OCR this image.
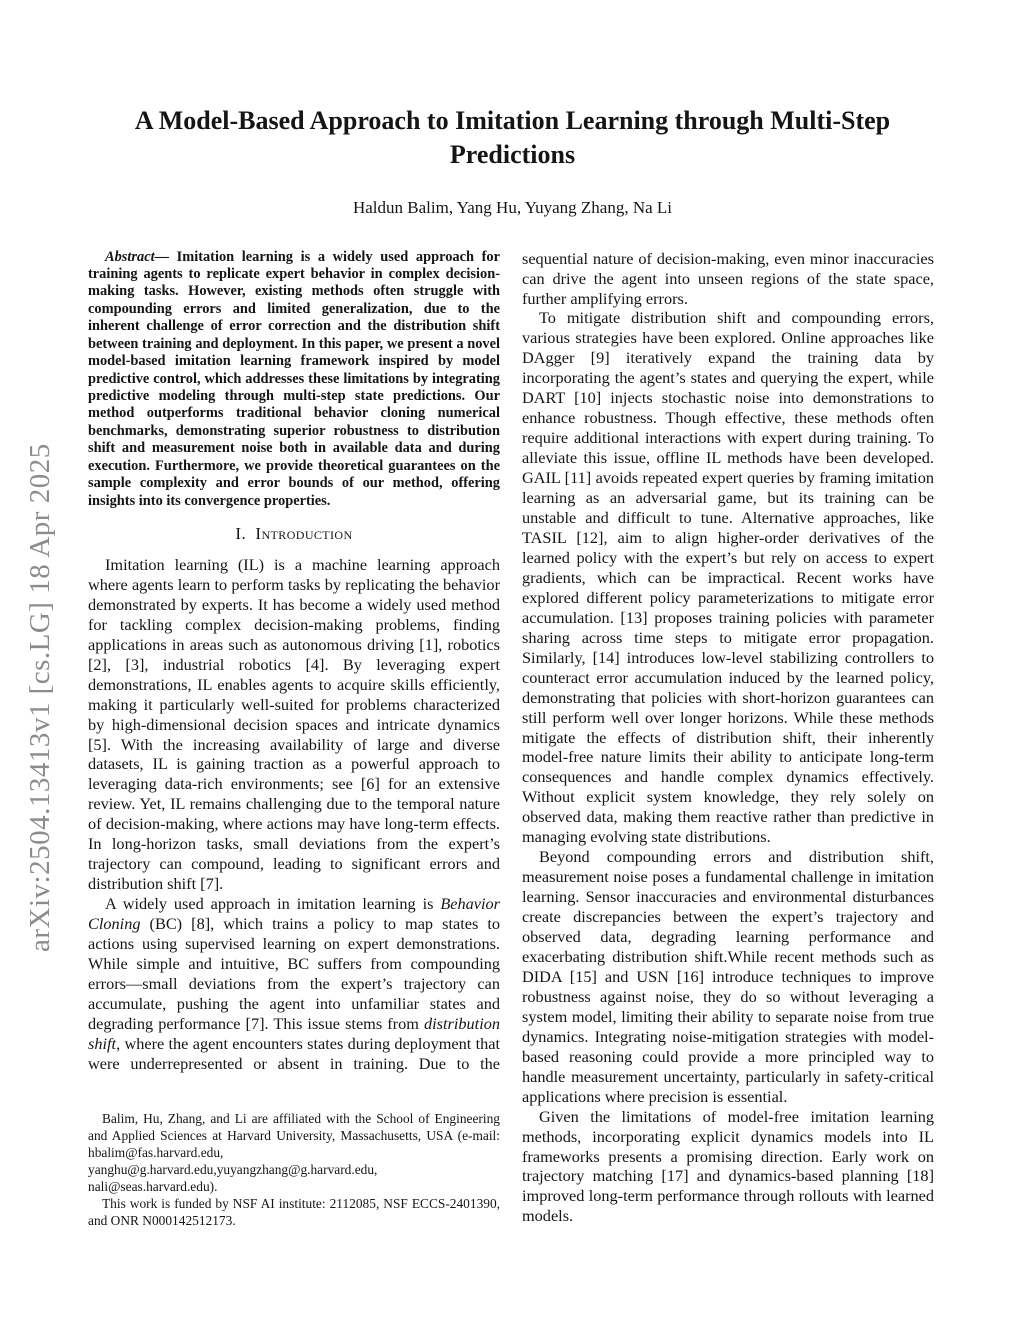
arXiv:2504.13413v1 [cs.LG] 18 Apr 2025
A Model-Based Approach to Imitation Learning through Multi-Step Predictions
Haldun Balim, Yang Hu, Yuyang Zhang, Na Li

Abstract— Imitation learning is a widely used approach for training agents to replicate expert behavior in complex decision-making tasks. However, existing methods often struggle with compounding errors and limited generalization, due to the inherent challenge of error correction and the distribution shift between training and deployment. In this paper, we present a novel model-based imitation learning framework inspired by model predictive control, which addresses these limitations by integrating predictive modeling through multi-step state predictions. Our method outperforms traditional behavior cloning numerical benchmarks, demonstrating superior robustness to distribution shift and measurement noise both in available data and during execution. Furthermore, we provide theoretical guarantees on the sample complexity and error bounds of our method, offering insights into its convergence properties.

I.  Introduction

Imitation learning (IL) is a machine learning approach where agents learn to perform tasks by replicating the behavior demonstrated by experts. It has become a widely used method for tackling complex decision-making problems, finding applications in areas such as autonomous driving [1], robotics [2], [3], industrial robotics [4]. By leveraging expert demonstrations, IL enables agents to acquire skills efficiently, making it particularly well-suited for problems characterized by high-dimensional decision spaces and intricate dynamics [5]. With the increasing availability of large and diverse datasets, IL is gaining traction as a powerful approach to leveraging data-rich environments; see [6] for an extensive review. Yet, IL remains challenging due to the temporal nature of decision-making, where actions may have long-term effects. In long-horizon tasks, small deviations from the expert’s trajectory can compound, leading to significant errors and distribution shift [7].

A widely used approach in imitation learning is Behavior Cloning (BC) [8], which trains a policy to map states to actions using supervised learning on expert demonstrations. While simple and intuitive, BC suffers from compounding errors—small deviations from the expert’s trajectory can accumulate, pushing the agent into unfamiliar states and degrading performance [7]. This issue stems from distribution shift, where the agent encounters states during deployment that were underrepresented or absent in training. Due to the

Balim, Hu, Zhang, and Li are affiliated with the School of Engineering and Applied Sciences at Harvard University, Massachusetts, USA (e-mail: hbalim@fas.harvard.edu, yanghu@g.harvard.edu,yuyangzhang@g.harvard.edu, nali@seas.harvard.edu).

This work is funded by NSF AI institute: 2112085, NSF ECCS-2401390, and ONR N000142512173.

sequential nature of decision-making, even minor inaccuracies can drive the agent into unseen regions of the state space, further amplifying errors.

To mitigate distribution shift and compounding errors, various strategies have been explored. Online approaches like DAgger [9] iteratively expand the training data by incorporating the agent’s states and querying the expert, while DART [10] injects stochastic noise into demonstrations to enhance robustness. Though effective, these methods often require additional interactions with expert during training. To alleviate this issue, offline IL methods have been developed. GAIL [11] avoids repeated expert queries by framing imitation learning as an adversarial game, but its training can be unstable and difficult to tune. Alternative approaches, like TASIL [12], aim to align higher-order derivatives of the learned policy with the expert’s but rely on access to expert gradients, which can be impractical. Recent works have explored different policy parameterizations to mitigate error accumulation. [13] proposes training policies with parameter sharing across time steps to mitigate error propagation. Similarly, [14] introduces low-level stabilizing controllers to counteract error accumulation induced by the learned policy, demonstrating that policies with short-horizon guarantees can still perform well over longer horizons. While these methods mitigate the effects of distribution shift, their inherently model-free nature limits their ability to anticipate long-term consequences and handle complex dynamics effectively. Without explicit system knowledge, they rely solely on observed data, making them reactive rather than predictive in managing evolving state distributions.

Beyond compounding errors and distribution shift, measurement noise poses a fundamental challenge in imitation learning. Sensor inaccuracies and environmental disturbances create discrepancies between the expert’s trajectory and observed data, degrading learning performance and exacerbating distribution shift.While recent methods such as DIDA [15] and USN [16] introduce techniques to improve robustness against noise, they do so without leveraging a system model, limiting their ability to separate noise from true dynamics. Integrating noise-mitigation strategies with model-based reasoning could provide a more principled way to handle measurement uncertainty, particularly in safety-critical applications where precision is essential.

Given the limitations of model-free imitation learning methods, incorporating explicit dynamics models into IL frameworks presents a promising direction. Early work on trajectory matching [17] and dynamics-based planning [18] improved long-term performance through rollouts with learned models.
